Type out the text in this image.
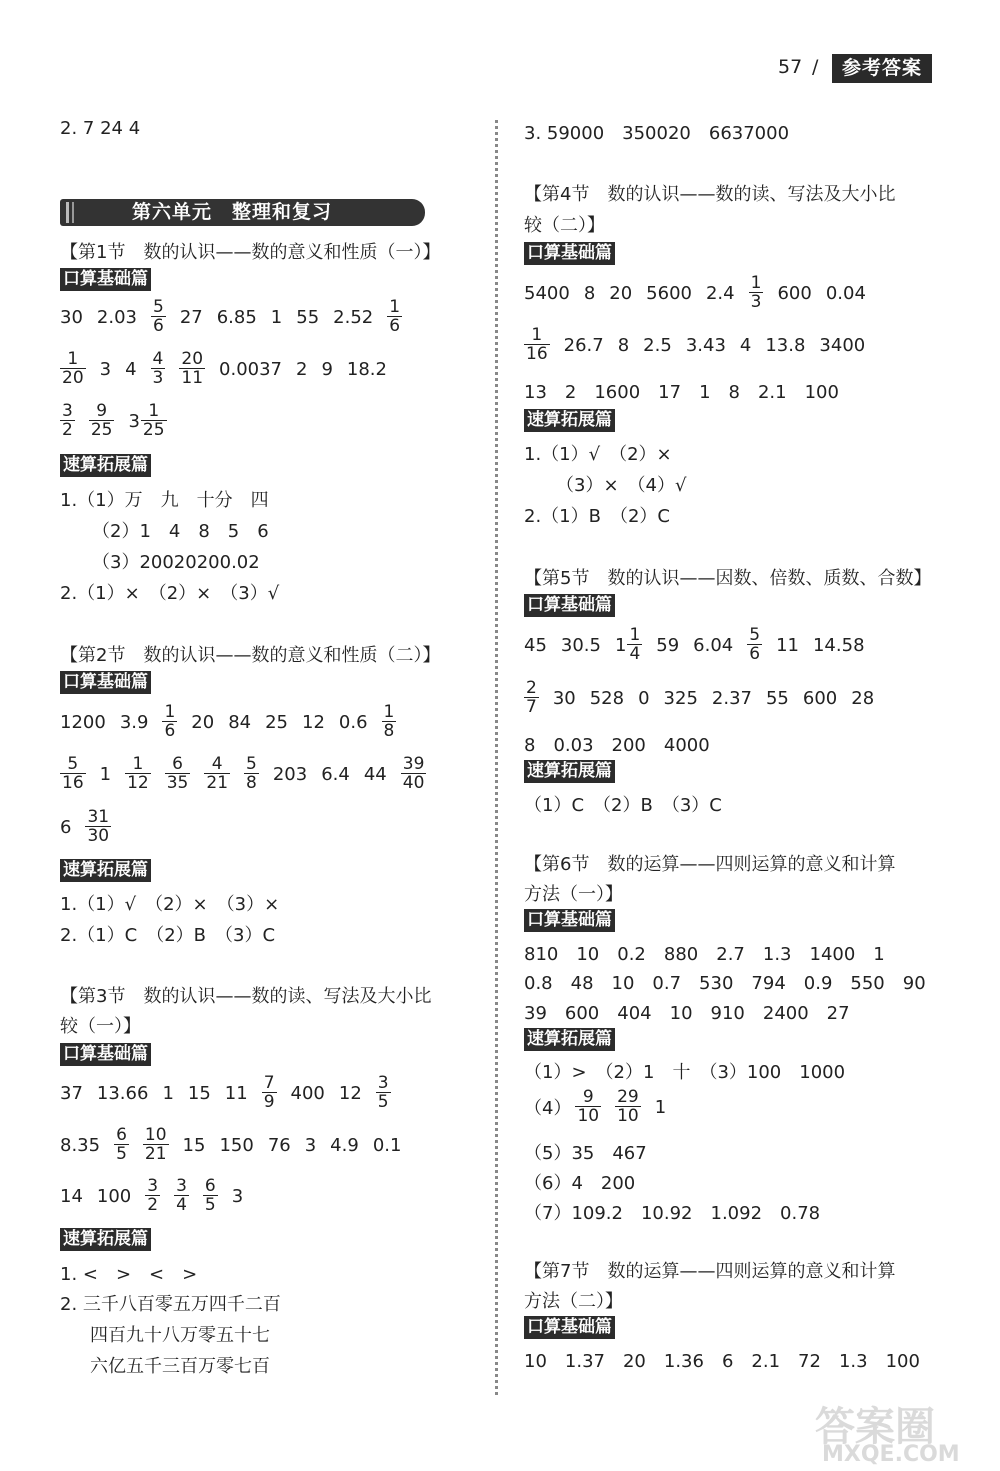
57 /	参考答案
2. 7 24 4
第六单元　整理和复习
【第1节　数的认识——数的意义和性质（一）】
口算基础篇
30 2.03 5
6 27 6.85 1 55 2.52 1
6
1
20 3 4 4
3
20
11 0.0037 2 9 18.2
3
2
9
25 3 1
25
速算拓展篇
1.（1）万　九　十分　四
（2）1　4　8　5　6
（3）20020200.02
2.（1）×　（2）×　（3）√
【第2节　数的认识——数的意义和性质（二）】
口算基础篇
1200 3.9 1
6 20 84 25 12 0.6 1
8
5
16 1 1
12
6
35
4
21
5
8 203 6.4 44 39
40
6 31
30
速算拓展篇
1.（1）√　（2）×　（3）×
2.（1）C　（2）B　（3）C
【第3节　数的认识——数的读、写法及大小比
较（一）】
口算基础篇
37 13.66 1 15 11 7
9 400 12 3
5
8.35 6
5
10
21 15 150 76 3 4.9 0.1
14 100 3
2
3
4
6
5 3
速算拓展篇
1. <　>　<　>
2. 三千八百零五万四千二百
四百九十八万零五十七
六亿五千三百万零七百
3. 59000　350020　6637000
【第4节　数的认识——数的读、写法及大小比
较（二）】
口算基础篇
5400 8 20 5600 2.4 1
3 600 0.04
1
16 26.7 8 2.5 3.43 4 13.8 3400
13　2　1600　17　1　8　2.1　100
速算拓展篇
1.（1）√　（2）×
（3）×　（4）√
2.（1）B　（2）C
【第5节　数的认识——因数、倍数、质数、合数】
口算基础篇
45 30.5 1 1
4 59 6.04 5
6 11 14.58
2
7 30 528 0 325 2.37 55 600 28
8　0.03　200　4000
速算拓展篇
（1）C　（2）B　（3）C
【第6节　数的运算——四则运算的意义和计算
方法（一）】
口算基础篇
810　10　0.2　880　2.7　1.3　1400　1
0.8　48　10　0.7　530　794　0.9　550　90
39　600　404　10　910　2400　27
速算拓展篇
（1）>　（2）1　十　（3）100　1000
（4）
9
10
29
10 1
（5）35　467
（6）4　200
（7）109.2　10.92　1.092　0.78
【第7节　数的运算——四则运算的意义和计算
方法（二）】
口算基础篇
10　1.37　20　1.36　6　2.1　72　1.3　100
答案圈
MXQE.COM
